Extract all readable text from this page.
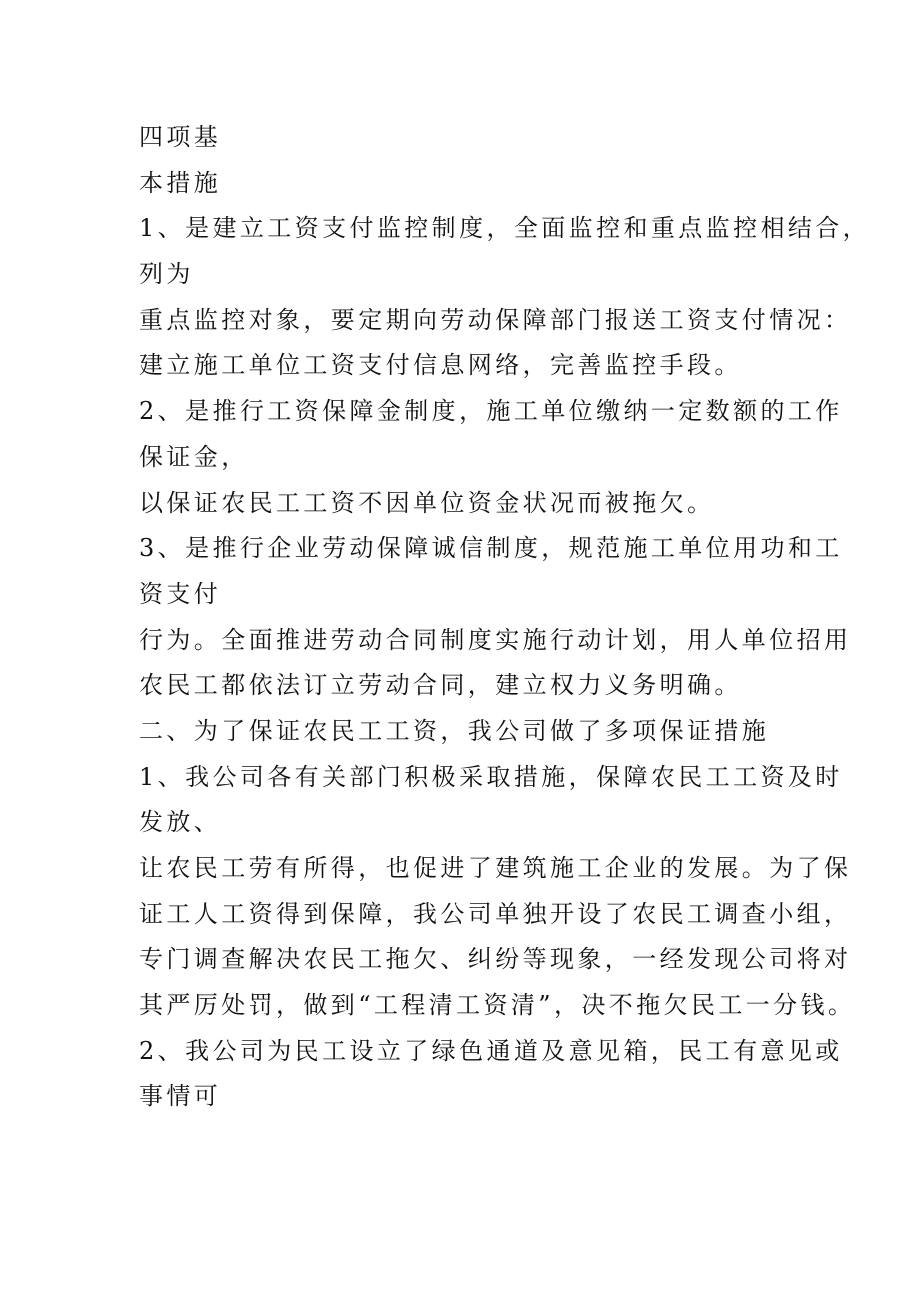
四项基
本措施
1、是建立工资支付监控制度，全面监控和重点监控相结合，
列为
重点监控对象，要定期向劳动保障部门报送工资支付情况：
建立施工单位工资支付信息网络，完善监控手段。
2、是推行工资保障金制度，施工单位缴纳一定数额的工作
保证金，
以保证农民工工资不因单位资金状况而被拖欠。
3、是推行企业劳动保障诚信制度，规范施工单位用功和工
资支付
行为。全面推进劳动合同制度实施行动计划，用人单位招用
农民工都依法订立劳动合同，建立权力义务明确。
二、为了保证农民工工资，我公司做了多项保证措施
1、我公司各有关部门积极采取措施，保障农民工工资及时
发放、
让农民工劳有所得，也促进了建筑施工企业的发展。为了保
证工人工资得到保障，我公司单独开设了农民工调查小组，
专门调查解决农民工拖欠、纠纷等现象，一经发现公司将对
其严厉处罚，做到“工程清工资清”，决不拖欠民工一分钱。
2、我公司为民工设立了绿色通道及意见箱，民工有意见或
事情可
